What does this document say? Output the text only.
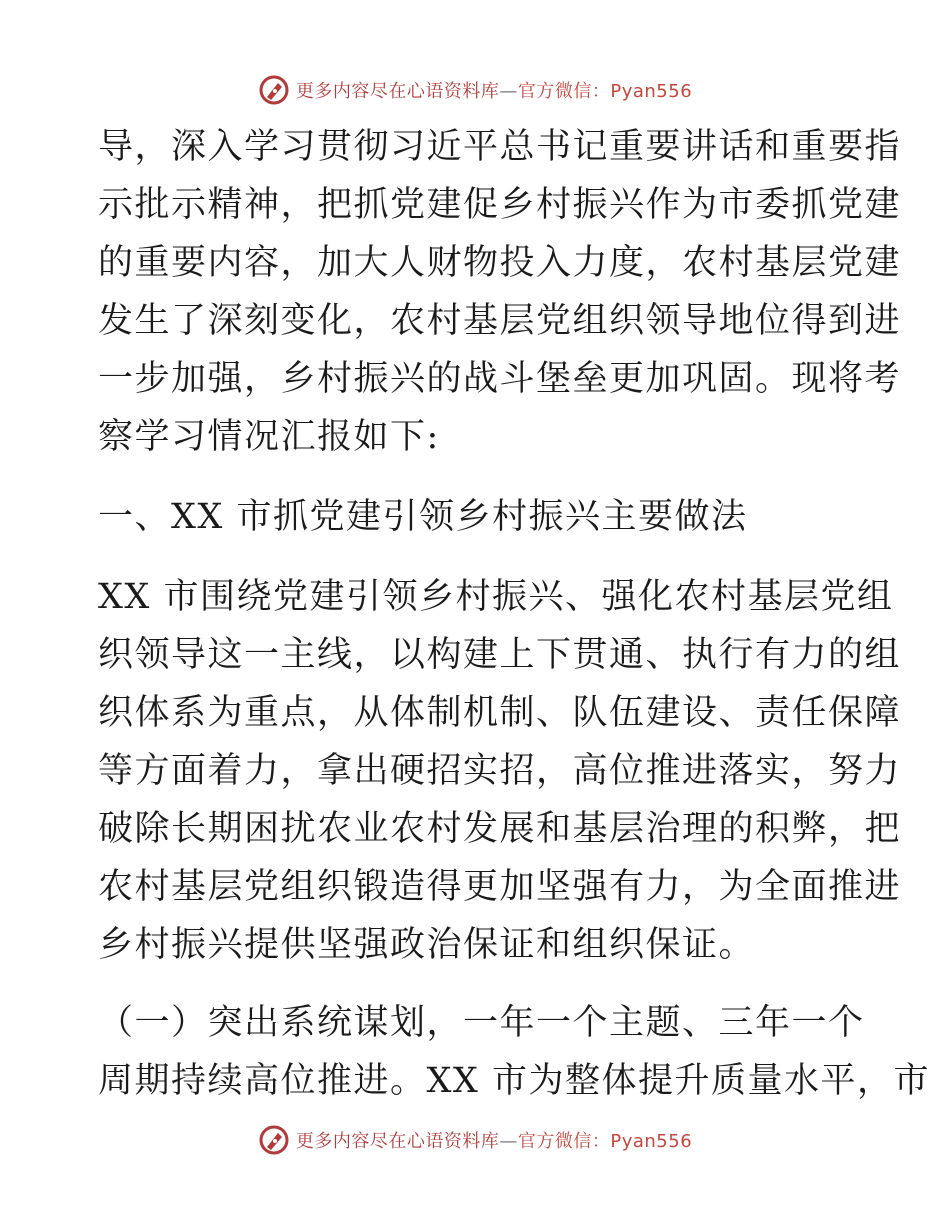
更多内容尽在心语资料库—官方微信：Pyan556
导，深入学习贯彻习近平总书记重要讲话和重要指
示批示精神，把抓党建促乡村振兴作为市委抓党建
的重要内容，加大人财物投入力度，农村基层党建
发生了深刻变化，农村基层党组织领导地位得到进
一步加强，乡村振兴的战斗堡垒更加巩固。现将考
察学习情况汇报如下:
一、XX 市抓党建引领乡村振兴主要做法
XX 市围绕党建引领乡村振兴、强化农村基层党组
织领导这一主线，以构建上下贯通、执行有力的组
织体系为重点，从体制机制、队伍建设、责任保障
等方面着力，拿出硬招实招，高位推进落实，努力
破除长期困扰农业农村发展和基层治理的积弊，把
农村基层党组织锻造得更加坚强有力，为全面推进
乡村振兴提供坚强政治保证和组织保证。
（一）突出系统谋划，一年一个主题、三年一个
周期持续高位推进。XX 市为整体提升质量水平，市
更多内容尽在心语资料库—官方微信：Pyan556
